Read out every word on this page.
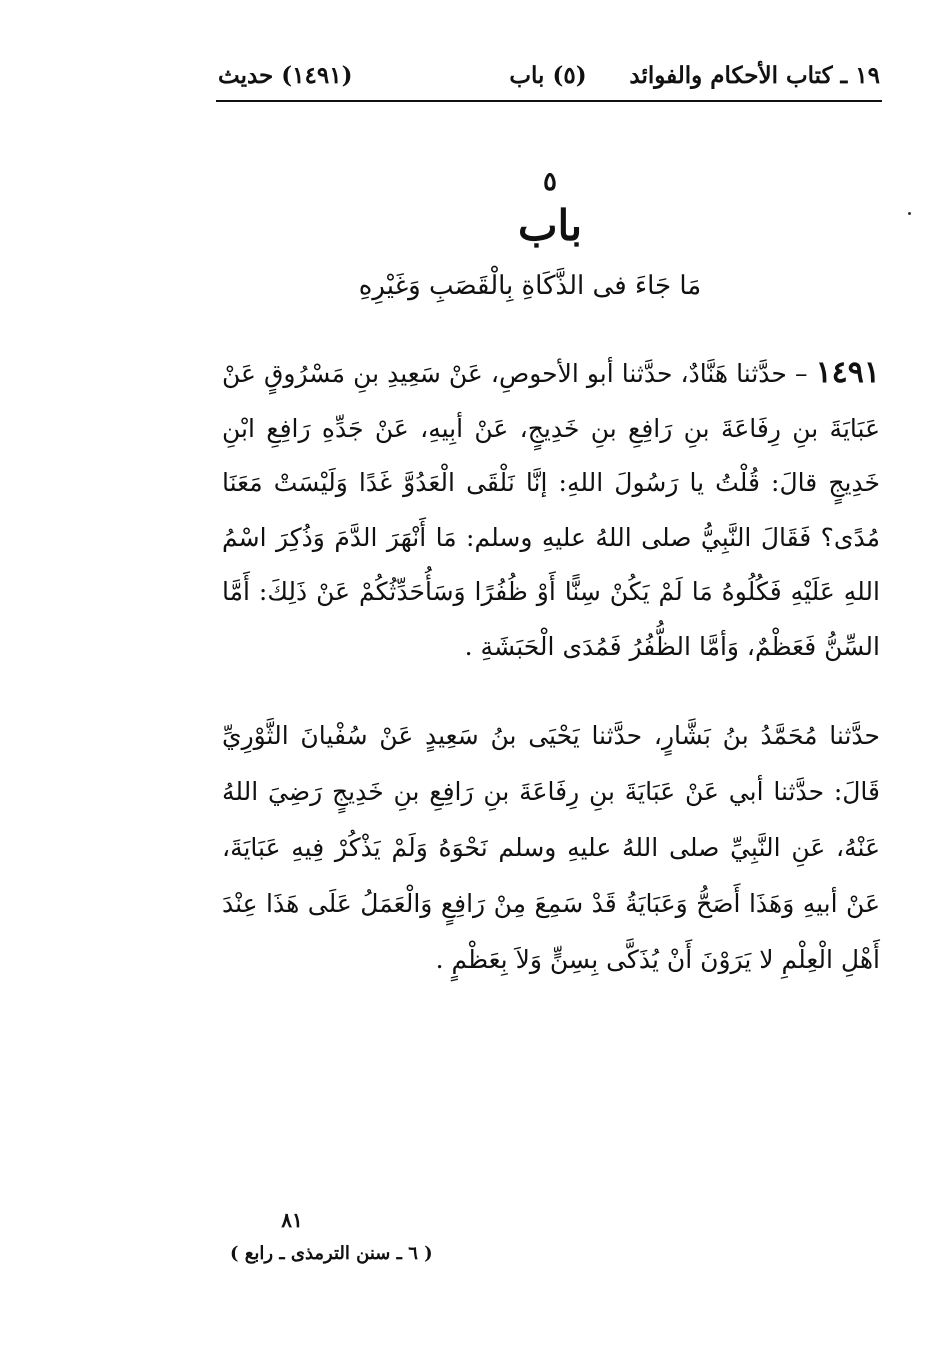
١٩ ـ كتاب الأحكام والفوائد
(٥) باب
(١٤٩١) حديث
٥
باب
مَا جَاءَ فى الذَّكَاةِ بِالْقَصَبِ وَغَيْرِهِ
١٤٩١ – حدَّثنا هَنَّادٌ، حدَّثنا أبو الأحوصِ، عَنْ سَعِيدِ بنِ مَسْرُوقٍ عَنْ عَبَايَةَ بنِ رِفَاعَةَ بنِ رَافِعِ بنِ خَدِيجٍ، عَنْ أبِيهِ، عَنْ جَدِّهِ رَافِعِ ابْنِ خَدِيجٍ قالَ: قُلْتُ يا رَسُولَ اللهِ: إنَّا نَلْقَى الْعَدُوَّ غَدًا وَلَيْسَتْ مَعَنَا مُدًى؟ فَقَالَ النَّبِيُّ صلى اللهُ عليهِ وسلم: مَا أَنْهَرَ الدَّمَ وَذُكِرَ اسْمُ اللهِ عَلَيْهِ فَكُلُوهُ مَا لَمْ يَكُنْ سِنًّا أَوْ ظُفُرًا وَسَأُحَدِّثُكُمْ عَنْ ذَلِكَ: أَمَّا السِّنُّ فَعَظْمٌ، وَأمَّا الظُّفُرُ فَمُدَى الْحَبَشَةِ .
حدَّثنا مُحَمَّدُ بنُ بَشَّارٍ، حدَّثنا يَحْيَى بنُ سَعِيدٍ عَنْ سُفْيانَ الثَّوْرِيِّ قَالَ: حدَّثنا أبي عَنْ عَبَايَةَ بنِ رِفَاعَةَ بنِ رَافِعِ بنِ خَدِيجٍ رَضِيَ اللهُ عَنْهُ، عَنِ النَّبِيِّ صلى اللهُ عليهِ وسلم نَحْوَهُ وَلَمْ يَذْكُرْ فِيهِ عَبَايَةَ، عَنْ أبيهِ وَهَذَا أَصَحُّ وَعَبَايَةُ قَدْ سَمِعَ مِنْ رَافِعٍ وَالْعَمَلُ عَلَى هَذَا عِنْدَ أَهْلِ الْعِلْمِ لا يَرَوْنَ أَنْ يُذَكَّى بِسِنٍّ وَلاَ بِعَظْمٍ .
٨١
( ٦ ـ سنن الترمذى ـ رابع )
